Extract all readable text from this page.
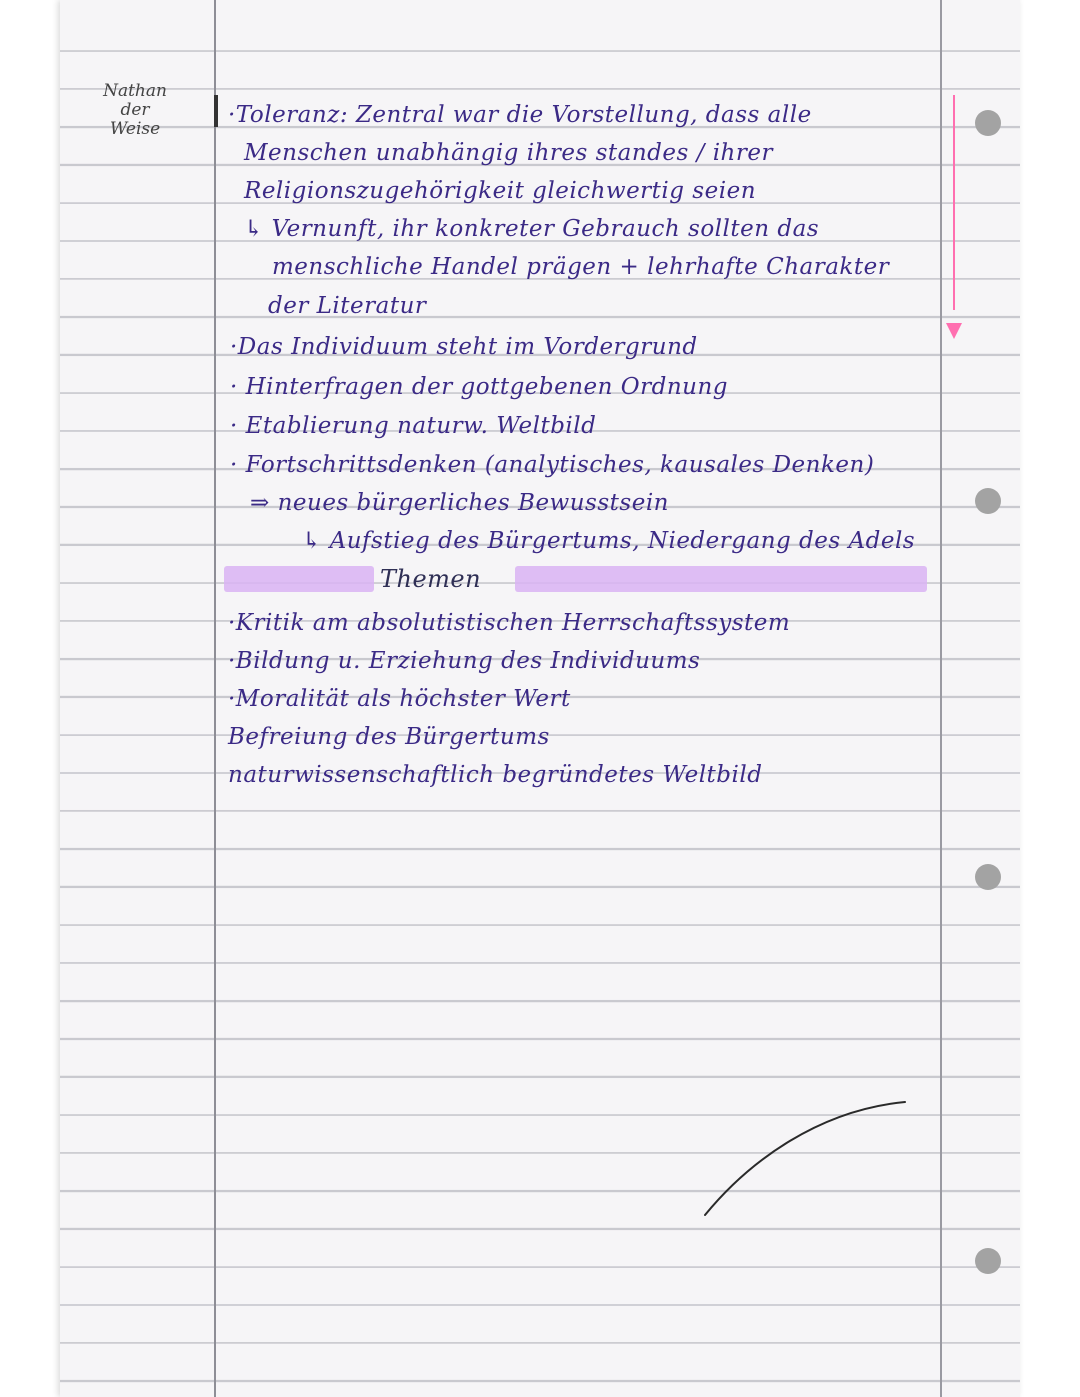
Nathan
der
Weise
·Toleranz: Zentral war die Vorstellung, dass alle
Menschen unabhängig ihres standes / ihrer
Religionszugehörigkeit gleichwertig seien
↳ Vernunft, ihr konkreter Gebrauch sollten das
menschliche Handel prägen + lehrhafte Charakter
der Literatur
·Das Individuum steht im Vordergrund
· Hinterfragen der gottgebenen Ordnung
· Etablierung naturw. Weltbild
· Fortschrittsdenken (analytisches, kausales Denken)
⇒ neues bürgerliches Bewusstsein
↳ Aufstieg des Bürgertums, Niedergang des Adels
Themen
·Kritik am absolutistischen Herrschaftssystem
·Bildung u. Erziehung des Individuums
·Moralität als höchster Wert
Befreiung des Bürgertums
naturwissenschaftlich begründetes Weltbild
